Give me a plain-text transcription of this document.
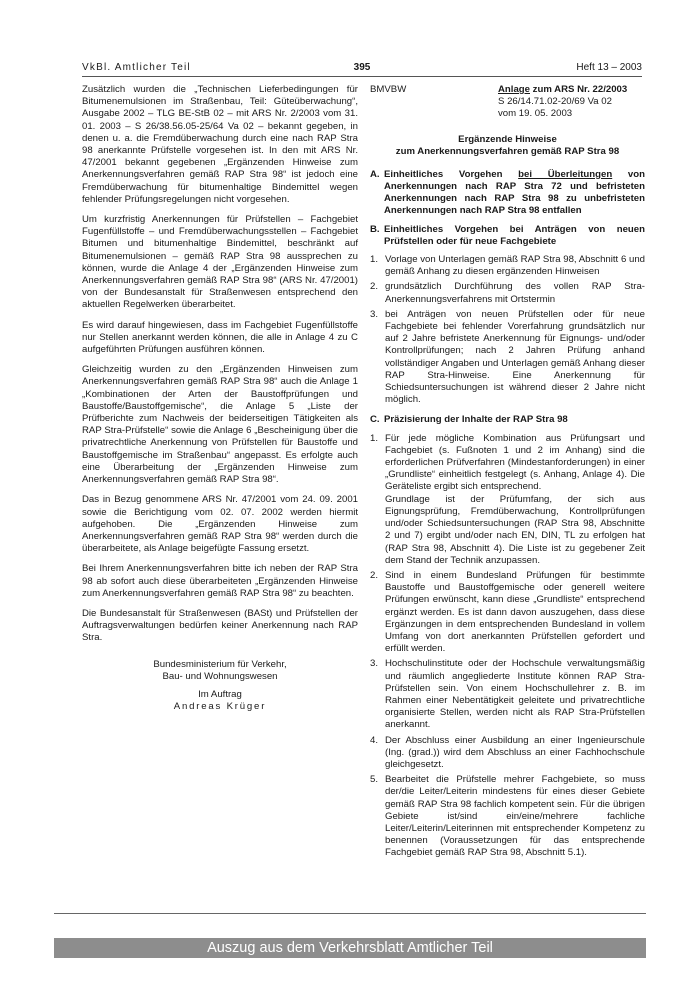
VkBl. Amtlicher Teil	395	Heft 13 – 2003

Zusätzlich wurden die „Technischen Lieferbedingungen für Bitumenemulsionen im Straßenbau, Teil: Güteüberwachung“, Ausgabe 2002 – TLG BE-StB 02 – mit ARS Nr. 2/2003 vom 31. 01. 2003 – S 26/38.56.05-25/64 Va 02 – bekannt gegeben, in denen u. a. die Fremdüberwachung durch eine nach RAP Stra 98 anerkannte Prüfstelle vorgesehen ist. In den mit ARS Nr. 47/2001 bekannt gegebenen „Ergänzenden Hinweise zum Anerkennungsverfahren gemäß RAP Stra 98“ ist jedoch eine Fremdüberwachung für bitumenhaltige Bindemittel wegen fehlender Prüfungsregelungen nicht vorgesehen.

Um kurzfristig Anerkennungen für Prüfstellen – Fachgebiet Fugenfüllstoffe – und Fremdüberwachungsstellen – Fachgebiet Bitumen und bitumenhaltige Bindemittel, beschränkt auf Bitumenemulsionen – gemäß RAP Stra 98 aussprechen zu können, wurde die Anlage 4 der „Ergänzenden Hinweise zum Anerkennungsverfahren gemäß RAP Stra 98“ (ARS Nr. 47/2001) von der Bundesanstalt für Straßenwesen entsprechend den aktuellen Regelwerken überarbeitet.

Es wird darauf hingewiesen, dass im Fachgebiet Fugenfüllstoffe nur Stellen anerkannt werden können, die alle in Anlage 4 zu C aufgeführten Prüfungen ausführen können.

Gleichzeitig wurden zu den „Ergänzenden Hinweisen zum Anerkennungsverfahren gemäß RAP Stra 98“ auch die Anlage 1 „Kombinationen der Arten der Baustoffprüfungen und Baustoffe/Baustoffgemische“, die Anlage 5 „Liste der Prüfberichte zum Nachweis der beiderseitigen Tätigkeiten als RAP Stra-Prüfstelle“ sowie die Anlage 6 „Bescheinigung über die privatrechtliche Anerkennung von Prüfstellen für Baustoffe und Baustoffgemische im Straßenbau“ angepasst. Es erfolgte auch eine Überarbeitung der „Ergänzenden Hinweise zum Anerkennungsverfahren gemäß RAP Stra 98“.

Das in Bezug genommene ARS Nr. 47/2001 vom 24. 09. 2001 sowie die Berichtigung vom 02. 07. 2002 werden hiermit aufgehoben. Die „Ergänzenden Hinweise zum Anerkennungsverfahren gemäß RAP Stra 98“ werden durch die überarbeitete, als Anlage beigefügte Fassung ersetzt.

Bei Ihrem Anerkennungsverfahren bitte ich neben der RAP Stra 98 ab sofort auch diese überarbeiteten „Ergänzenden Hinweise zum Anerkennungsverfahren gemäß RAP Stra 98“ zu beachten.

Die Bundesanstalt für Straßenwesen (BASt) und Prüfstellen der Auftragsverwaltungen bedürfen keiner Anerkennung nach RAP Stra.

Bundesministerium für Verkehr,
Bau- und Wohnungswesen
Im Auftrag
Andreas Krüger
BMVBW	Anlage zum ARS Nr. 22/2003
S 26/14.71.02-20/69 Va 02
vom 19. 05. 2003
Ergänzende Hinweise
zum Anerkennungsverfahren gemäß RAP Stra 98
A. Einheitliches Vorgehen bei Überleitungen von Anerkennungen nach RAP Stra 72 und befristeten Anerkennungen nach RAP Stra 98 zu unbefristeten Anerkennungen nach RAP Stra 98 entfallen
B. Einheitliches Vorgehen bei Anträgen von neuen Prüfstellen oder für neue Fachgebiete
1. Vorlage von Unterlagen gemäß RAP Stra 98, Abschnitt 6 und gemäß Anhang zu diesen ergänzenden Hinweisen
2. grundsätzlich Durchführung des vollen RAP Stra-Anerkennungsverfahrens mit Ortstermin
3. bei Anträgen von neuen Prüfstellen oder für neue Fachgebiete bei fehlender Vorerfahrung grundsätzlich nur auf 2 Jahre befristete Anerkennung für Eignungs- und/oder Kontrollprüfungen; nach 2 Jahren Prüfung anhand vollständiger Angaben und Unterlagen gemäß Anhang dieser RAP Stra-Hinweise. Eine Anerkennung für Schiedsuntersuchungen ist während dieser 2 Jahre nicht möglich.
C. Präzisierung der Inhalte der RAP Stra 98
1. Für jede mögliche Kombination aus Prüfungsart und Fachgebiet (s. Fußnoten 1 und 2 im Anhang) sind die erforderlichen Prüfverfahren (Mindestanforderungen) in einer „Grundliste“ einheitlich festgelegt (s. Anhang, Anlage 4). Die Geräteliste ergibt sich entsprechend.
Grundlage ist der Prüfumfang, der sich aus Eignungsprüfung, Fremdüberwachung, Kontrollprüfungen und/oder Schiedsuntersuchungen (RAP Stra 98, Abschnitte 2 und 7) ergibt und/oder nach EN, DIN, TL zu erfolgen hat (RAP Stra 98, Abschnitt 4). Die Liste ist zu gegebener Zeit dem Stand der Technik anzupassen.
2. Sind in einem Bundesland Prüfungen für bestimmte Baustoffe und Baustoffgemische oder generell weitere Prüfungen erwünscht, kann diese „Grundliste“ entsprechend ergänzt werden. Es ist dann davon auszugehen, dass diese Ergänzungen in dem entsprechenden Bundesland in vollem Umfang von dort anerkannten Prüfstellen gefordert und erfüllt werden.
3. Hochschulinstitute oder der Hochschule verwaltungsmäßig und räumlich angegliederte Institute können RAP Stra-Prüfstellen sein. Von einem Hochschullehrer z. B. im Rahmen einer Nebentätigkeit geleitete und privatrechtliche organisierte Stellen, werden nicht als RAP Stra-Prüfstellen anerkannt.
4. Der Abschluss einer Ausbildung an einer Ingenieurschule (Ing. (grad.)) wird dem Abschluss an einer Fachhochschule gleichgesetzt.
5. Bearbeitet die Prüfstelle mehrer Fachgebiete, so muss der/die Leiter/Leiterin mindestens für eines dieser Gebiete gemäß RAP Stra 98 fachlich kompetent sein. Für die übrigen Gebiete ist/sind ein/eine/mehrere fachliche Leiter/Leiterin/Leiterinnen mit entsprechender Kompetenz zu benennen (Voraussetzungen für das entsprechende Fachgebiet gemäß RAP Stra 98, Abschnitt 5.1).
Auszug aus dem Verkehrsblatt Amtlicher Teil
